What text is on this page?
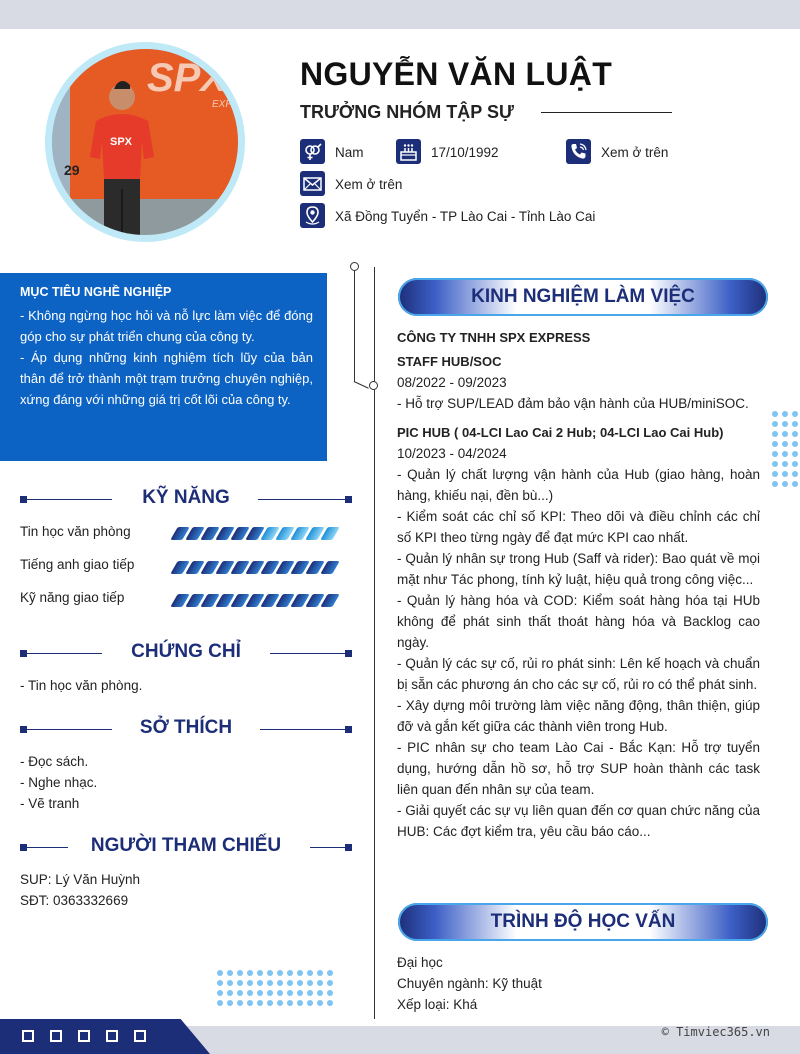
SPX
EXP
29
SPX
NGUYỄN VĂN LUẬT
TRƯỞNG NHÓM TẬP SỰ
Nam	17/10/1992	Xem ở trên
Xem ở trên
Xã Đồng Tuyển - TP Lào Cai - Tỉnh Lào Cai
MỤC TIÊU NGHỀ NGHIỆP
- Không ngừng học hỏi và nỗ lực làm việc để đóng góp cho sự phát triển chung của công ty.
- Áp dụng những kinh nghiệm tích lũy của bản thân để trở thành một trạm trưởng chuyên nghiệp, xứng đáng với những giá trị cốt lõi của công ty.
KỸ NĂNG
Tin học văn phòng
Tiếng anh giao tiếp
Kỹ năng giao tiếp
CHỨNG CHỈ
- Tin học văn phòng.
SỞ THÍCH
- Đọc sách.
- Nghe nhạc.
- Vẽ tranh
NGƯỜI THAM CHIẾU
SUP: Lý Văn Huỳnh
SĐT: 0363332669
KINH NGHIỆM LÀM VIỆC
CÔNG TY TNHH SPX EXPRESS
STAFF HUB/SOC
08/2022 - 09/2023
- Hỗ trợ SUP/LEAD đảm bảo vận hành của HUB/miniSOC.
PIC HUB ( 04-LCI Lao Cai 2 Hub; 04-LCI Lao Cai Hub)
10/2023 - 04/2024
- Quản lý chất lượng vận hành của Hub (giao hàng, hoàn hàng, khiếu nại, đền bù...)
- Kiểm soát các chỉ số KPI: Theo dõi và điều chỉnh các chỉ số KPI theo từng ngày để đạt mức KPI cao nhất.
- Quản lý nhân sự trong Hub (Saff và rider): Bao quát về mọi mặt như Tác phong, tính kỷ luật, hiệu quả trong công việc...
- Quản lý hàng hóa và COD: Kiểm soát hàng hóa tại HUb không để phát sinh thất thoát hàng hóa và Backlog cao ngày.
- Quản lý các sự cố, rủi ro phát sinh: Lên kế hoạch và chuẩn bị sẵn các phương án cho các sự cố, rủi ro có thể phát sinh.
- Xây dựng môi trường làm việc năng động, thân thiện, giúp đỡ và gắn kết giữa các thành viên trong Hub.
- PIC nhân sự cho team Lào Cai - Bắc Kạn: Hỗ trợ tuyển dụng, hướng dẫn hồ sơ, hỗ trợ SUP hoàn thành các task liên quan đến nhân sự của team.
- Giải quyết các sự vụ liên quan đến cơ quan chức năng của HUB: Các đợt kiểm tra, yêu cầu báo cáo...
TRÌNH ĐỘ HỌC VẤN
Đại học
Chuyên ngành: Kỹ thuật
Xếp loại: Khá
© Timviec365.vn
